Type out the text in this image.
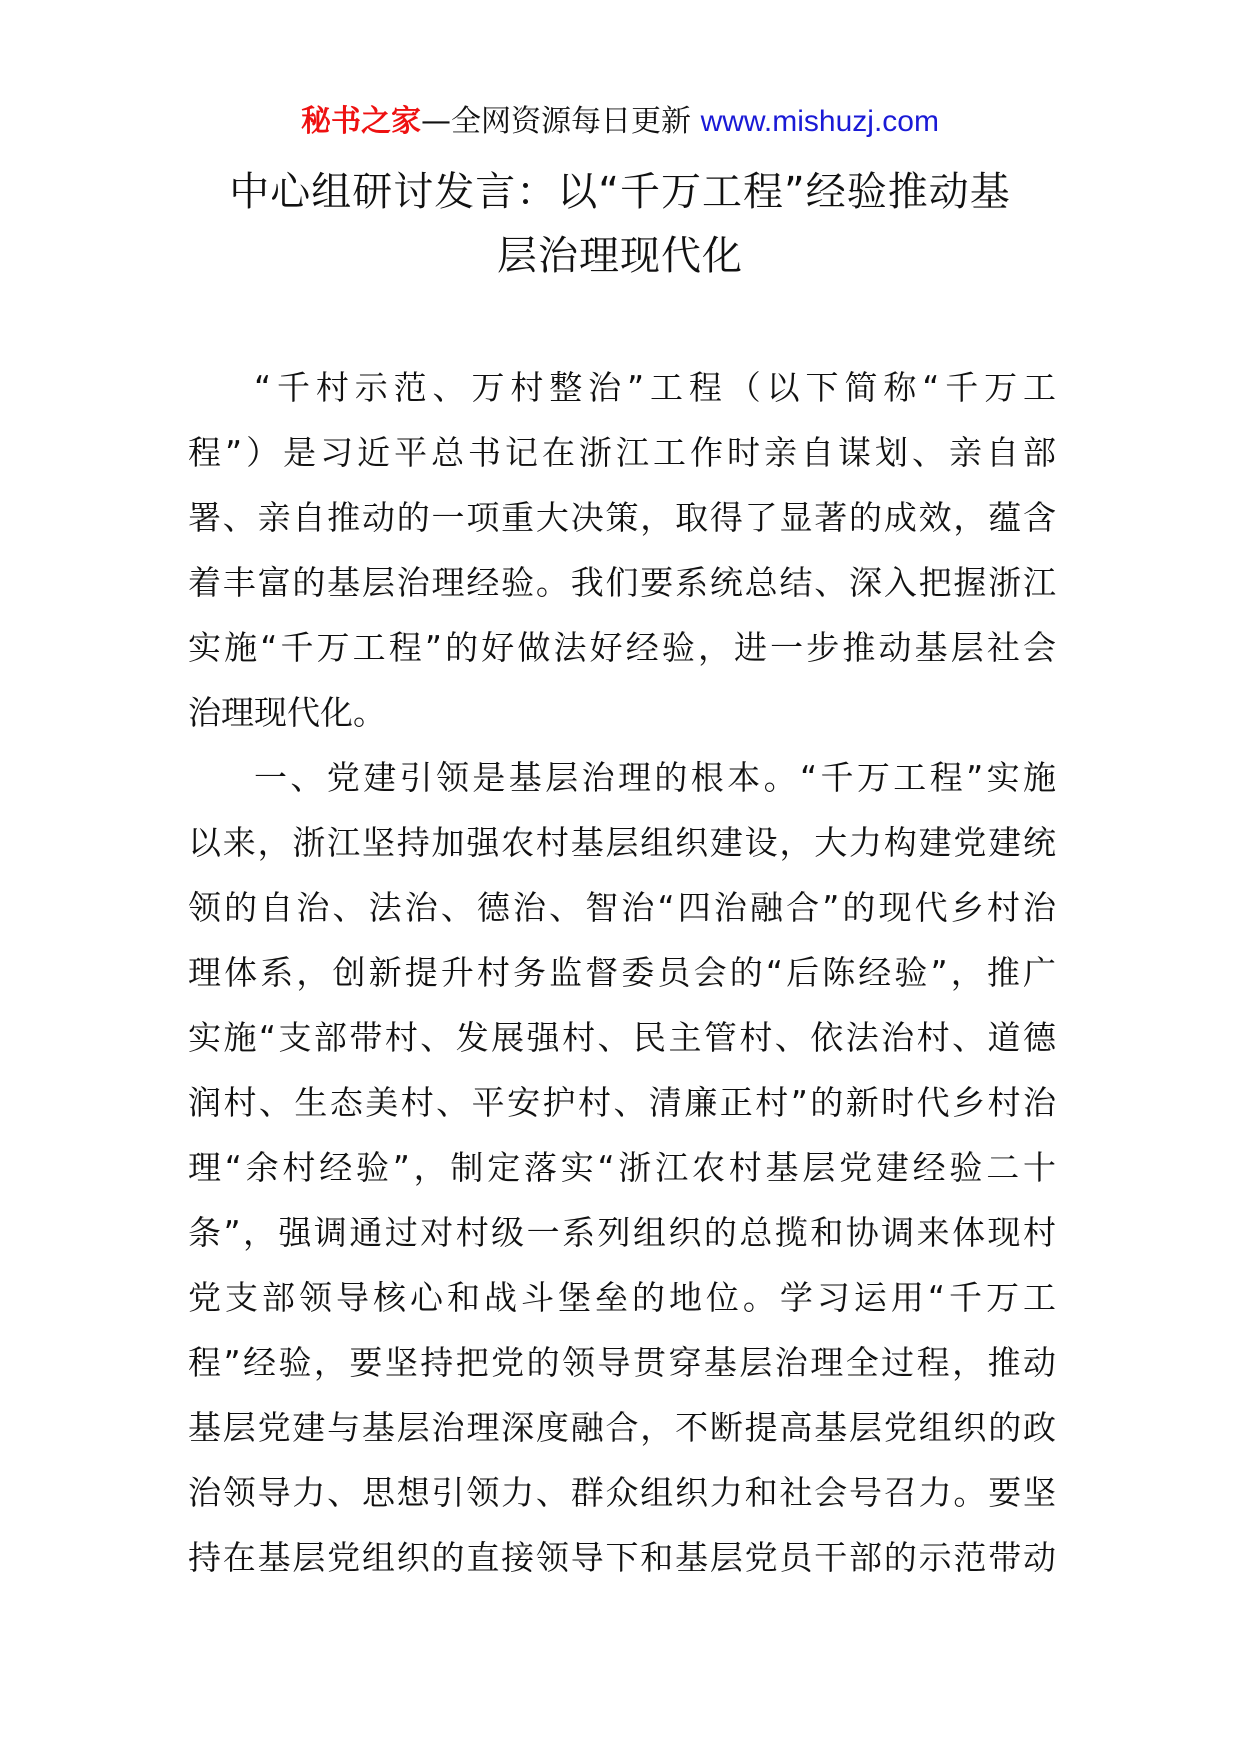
秘书之家—全网资源每日更新 www.mishuzj.com
中心组研讨发言：以“千万工程”经验推动基
层治理现代化
“千村示范、万村整治”工程（以下简称“千万工
程”）是习近平总书记在浙江工作时亲自谋划、亲自部
署、亲自推动的一项重大决策，取得了显著的成效，蕴含
着丰富的基层治理经验。我们要系统总结、深入把握浙江
实施“千万工程”的好做法好经验，进一步推动基层社会
治理现代化。
一、党建引领是基层治理的根本。“千万工程”实施
以来，浙江坚持加强农村基层组织建设，大力构建党建统
领的自治、法治、德治、智治“四治融合”的现代乡村治
理体系，创新提升村务监督委员会的“后陈经验”，推广
实施“支部带村、发展强村、民主管村、依法治村、道德
润村、生态美村、平安护村、清廉正村”的新时代乡村治
理“余村经验”，制定落实“浙江农村基层党建经验二十
条”，强调通过对村级一系列组织的总揽和协调来体现村
党支部领导核心和战斗堡垒的地位。学习运用“千万工
程”经验，要坚持把党的领导贯穿基层治理全过程，推动
基层党建与基层治理深度融合，不断提高基层党组织的政
治领导力、思想引领力、群众组织力和社会号召力。要坚
持在基层党组织的直接领导下和基层党员干部的示范带动
